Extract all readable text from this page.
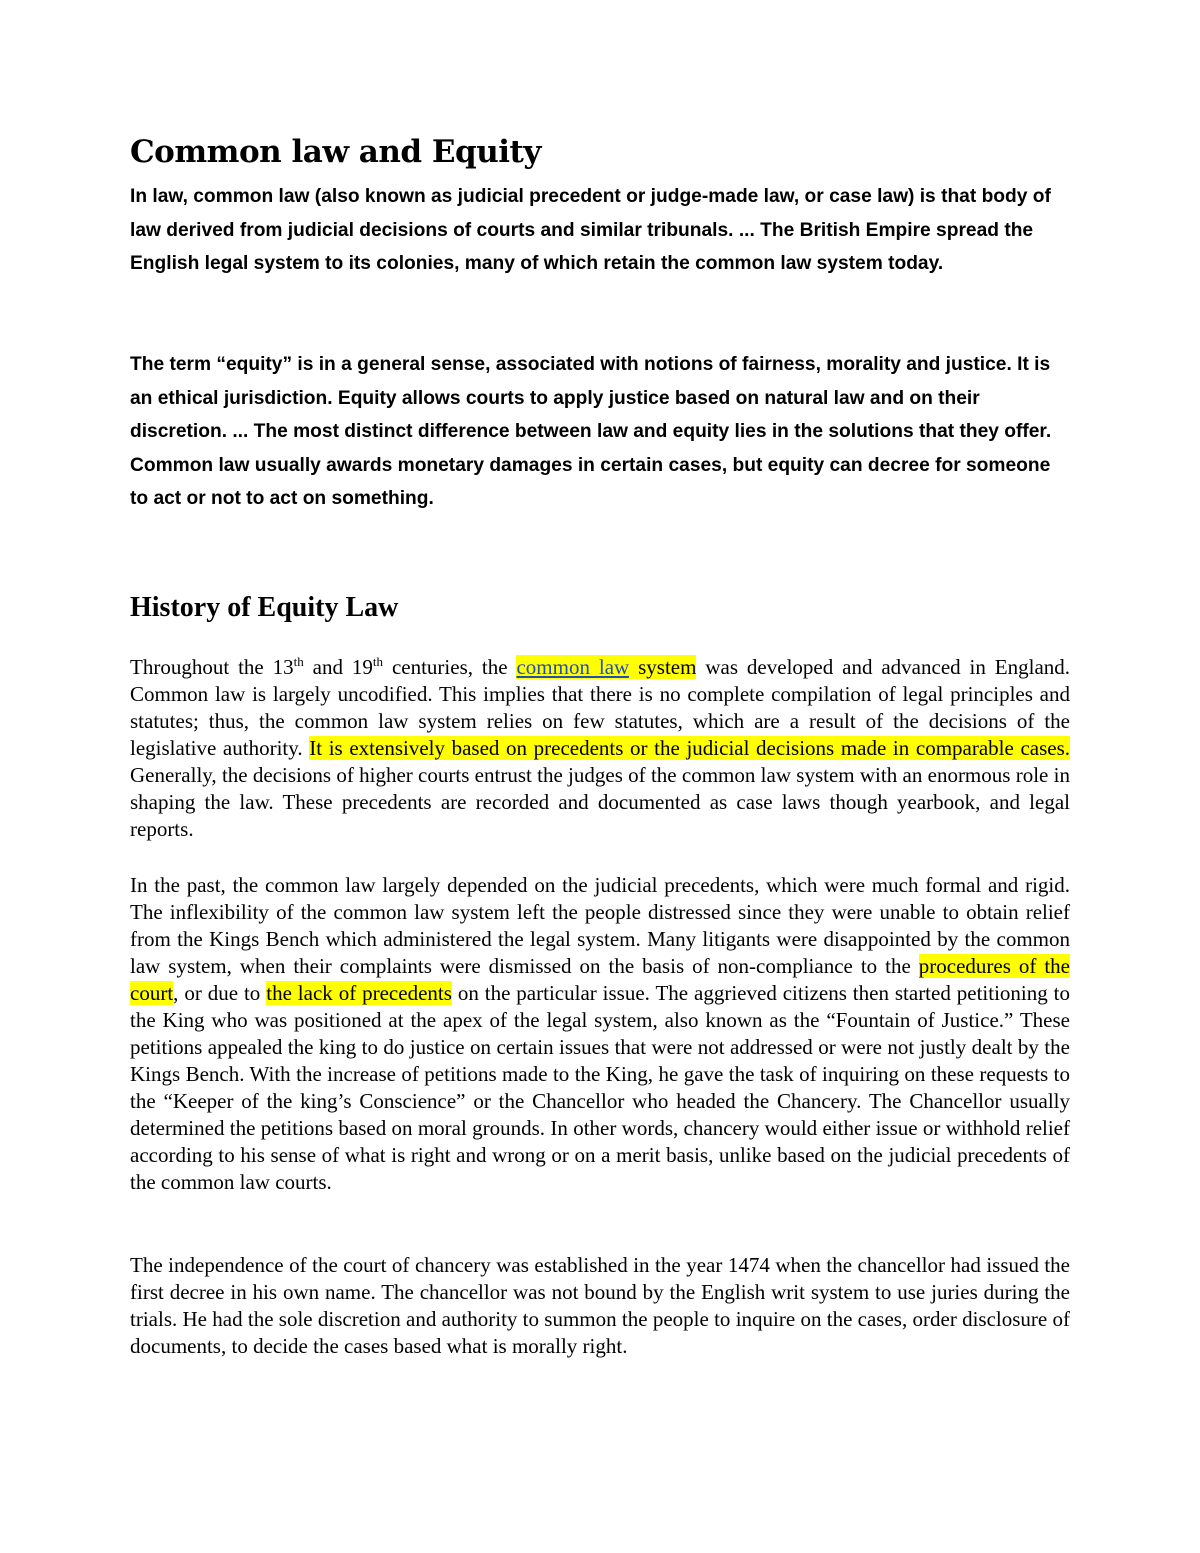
Common law and Equity

In law, common law (also known as judicial precedent or judge-made law, or case law) is that body of law derived from judicial decisions of courts and similar tribunals. ... The British Empire spread the English legal system to its colonies, many of which retain the common law system today.

The term “equity” is in a general sense, associated with notions of fairness, morality and justice. It is an ethical jurisdiction. Equity allows courts to apply justice based on natural law and on their discretion. ... The most distinct difference between law and equity lies in the solutions that they offer. Common law usually awards monetary damages in certain cases, but equity can decree for someone to act or not to act on something.

History of Equity Law

Throughout the 13th and 19th centuries, the common law system was developed and advanced in England. Common law is largely uncodified. This implies that there is no complete compilation of legal principles and statutes; thus, the common law system relies on few statutes, which are a result of the decisions of the legislative authority. It is extensively based on precedents or the judicial decisions made in comparable cases. Generally, the decisions of higher courts entrust the judges of the common law system with an enormous role in shaping the law. These precedents are recorded and documented as case laws though yearbook, and legal reports.

In the past, the common law largely depended on the judicial precedents, which were much formal and rigid. The inflexibility of the common law system left the people distressed since they were unable to obtain relief from the Kings Bench which administered the legal system. Many litigants were disappointed by the common law system, when their complaints were dismissed on the basis of non-compliance to the procedures of the court, or due to the lack of precedents on the particular issue. The aggrieved citizens then started petitioning to the King who was positioned at the apex of the legal system, also known as the “Fountain of Justice.” These petitions appealed the king to do justice on certain issues that were not addressed or were not justly dealt by the Kings Bench. With the increase of petitions made to the King, he gave the task of inquiring on these requests to the “Keeper of the king’s Conscience” or the Chancellor who headed the Chancery. The Chancellor usually determined the petitions based on moral grounds. In other words, chancery would either issue or withhold relief according to his sense of what is right and wrong or on a merit basis, unlike based on the judicial precedents of the common law courts.

The independence of the court of chancery was established in the year 1474 when the chancellor had issued the first decree in his own name. The chancellor was not bound by the English writ system to use juries during the trials. He had the sole discretion and authority to summon the people to inquire on the cases, order disclosure of documents, to decide the cases based what is morally right.
